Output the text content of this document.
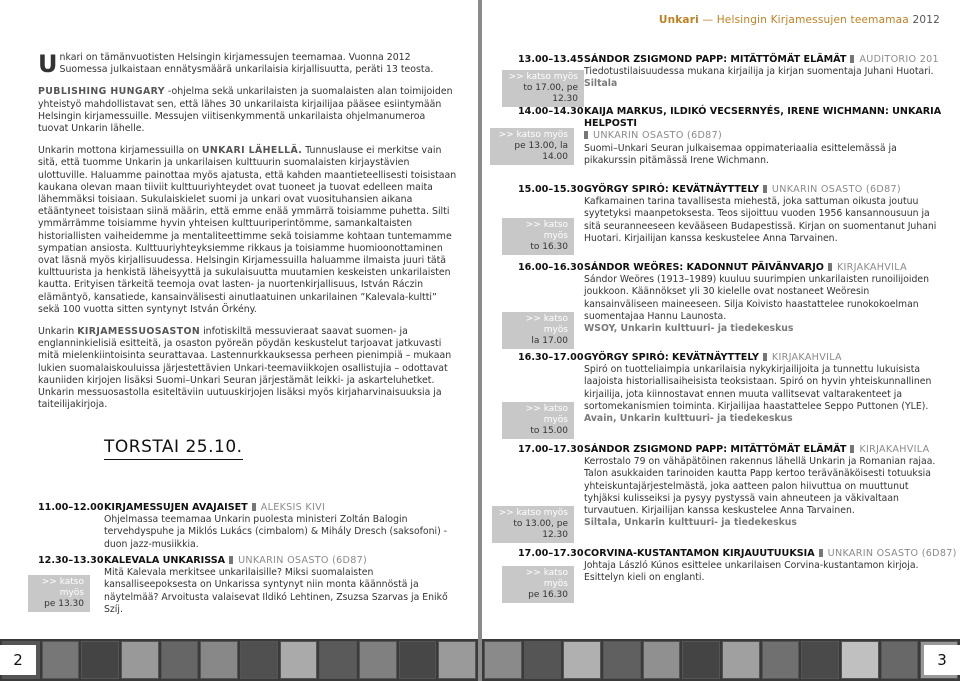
Unkari on tämänvuotisten Helsingin kirjamessujen teemamaa. Vuonna 2012 Suomessa julkaistaan ennätysmäärä unkarilaisia kirjallisuutta, peräti 13 teosta.

PUBLISHING HUNGARY -ohjelma sekä unkarilaisten ja suomalaisten alan toimijoiden yhteistyö mahdollistavat sen, että lähes 30 unkarilaista kirjailijaa pääsee esiintymään Helsingin kirjamessuille. Messujen viitisenkymmentä unkarilaista ohjelmanumeroa tuovat Unkarin lähelle.

Unkarin mottona kirjamessuilla on UNKARI LÄHELLÄ. Tunnuslause ei merkitse vain sitä, että tuomme Unkarin ja unkarilaisen kulttuurin suomalaisten kirjaystävien ulottuville. Haluamme painottaa myös ajatusta, että kahden maantieteellisesti toisistaan kaukana olevan maan tiiviit kulttuuriyhteydet ovat tuoneet ja tuovat edelleen maita lähemmäksi toisiaan. Sukulaiskielet suomi ja unkari ovat vuosituhansien aikana etääntyneet toisistaan siinä määrin, että emme enää ymmärrä toisiamme puhetta. Silti ymmärrämme toisiamme hyvin yhteisen kulttuuriperintömme, samankaltaisten historiallisten vaiheidemme ja mentaliteettimme sekä toisiamme kohtaan tuntemamme sympatian ansiosta. Kulttuuriyhteyksiemme rikkaus ja toisiamme huomioonottaminen ovat läsnä myös kirjallisuudessa. Helsingin Kirjamessuilla haluamme ilmaista juuri tätä kulttuurista ja henkistä läheisyyttä ja sukulaisuutta muutamien keskeisten unkarilaisten kautta. Erityisen tärkeitä teemoja ovat lasten- ja nuortenkirjallisuus, István Ráczin elämäntyö, kansatiede, kansainvälisesti ainutlaatuinen unkarilainen ”Kalevala-kultti” sekä 100 vuotta sitten syntynyt István Örkény.

Unkarin KIRJAMESSUOSASTON infotiskiltä messuvieraat saavat suomen- ja englanninkielisiä esitteitä, ja osaston pyöreän pöydän keskustelut tarjoavat jatkuvasti mitä mielenkiintoisinta seurattavaa. Lastennurkkauksessa perheen pienimpiä – mukaan lukien suomalaiskouluissa järjestettävien Unkari-teemaviikkojen osallistujia – odottavat kauniiden kirjojen lisäksi Suomi–Unkari Seuran järjestämät leikki- ja askarteluhetket. Unkarin messuosastolla esiteltäviin uutuuskirjojen lisäksi myös kirjaharvinaisuuksia ja taiteilijakirjoja.

TORSTAI 25.10.
11.00–12.00 KIRJAMESSUJEN AVAJAISET ALEKSIS KIVI
Ohjelmassa teemamaa Unkarin puolesta ministeri Zoltán Balogin tervehdyspuhe ja Miklós Lukács (cimbalom) & Mihály Dresch (saksofoni) -duon jazz-musiikkia.
12.30–13.30
>> katso myös
pe 13.30
KALEVALA UNKARISSA UNKARIN OSASTO (6D87)
Mitä Kalevala merkitsee unkarilaisille? Miksi suomalaisten kansalliseepoksesta on Unkarissa syntynyt niin monta käännöstä ja näytelmää? Arvoitusta valaisevat Ildikó Lehtinen, Zsuzsa Szarvas ja Enikő Szíj.
2
Unkari — Helsingin Kirjamessujen teemamaa 2012
13.00–13.45
>> katso myös
to 17.00, pe 12.30
SÁNDOR ZSIGMOND PAPP: MITÄTTÖMÄT ELÄMÄT AUDITORIO 201
Tiedotustilaisuudessa mukana kirjailija ja kirjan suomentaja Juhani Huotari.
Siltala
14.00–14.30
>> katso myös
pe 13.00, la 14.00
KAIJA MARKUS, ILDIKÓ VECSERNYÉS, IRENE WICHMANN: UNKARIA HELPOSTI
UNKARIN OSASTO (6D87)
Suomi–Unkari Seuran julkaisemaa oppimateriaalia esittelemässä ja pikakurssin pitämässä Irene Wichmann.
15.00–15.30
>> katso myös
to 16.30
GYÖRGY SPIRÓ: KEVÄTNÄYTTELY UNKARIN OSASTO (6D87)
Kafkamainen tarina tavallisesta miehestä, joka sattuman oikusta joutuu syytetyksi maanpetoksesta. Teos sijoittuu vuoden 1956 kansannousuun ja sitä seuranneeseen kevääseen Budapestissä. Kirjan on suomentanut Juhani Huotari. Kirjailijan kanssa keskustelee Anna Tarvainen.
16.00–16.30
>> katso myös
la 17.00
SÁNDOR WEÖRES: KADONNUT PÄIVÄNVARJO KIRJAKAHVILA
Sándor Weöres (1913–1989) kuuluu suurimpien unkarilaisten runoilijoiden joukkoon. Käännökset yli 30 kielelle ovat nostaneet Weöresin kansainväliseen maineeseen. Silja Koivisto haastattelee runokokoelman suomentajaa Hannu Launosta.
WSOY, Unkarin kulttuuri- ja tiedekeskus
16.30–17.00
>> katso myös
to 15.00
GYÖRGY SPIRÓ: KEVÄTNÄYTTELY KIRJAKAHVILA
Spiró on tuotteliaimpia unkarilaisia nykykirjailijoita ja tunnettu lukuisista laajoista historiallisaiheisista teoksistaan. Spiró on hyvin yhteiskunnallinen kirjailija, jota kiinnostavat ennen muuta vallitsevat valtarakenteet ja sortomekanismien toiminta. Kirjailijaa haastattelee Seppo Puttonen (YLE).
Avain, Unkarin kulttuuri- ja tiedekeskus
17.00–17.30
>> katso myös
to 13.00, pe 12.30
SÁNDOR ZSIGMOND PAPP: MITÄTTÖMÄT ELÄMÄT KIRJAKAHVILA
Kerrostalo 79 on vähäpätöinen rakennus lähellä Unkarin ja Romanian rajaa. Talon asukkaiden tarinoiden kautta Papp kertoo terävänäköisesti totuuksia yhteiskuntajärjestelmästä, joka aatteen palon hiivuttua on muuttunut tyhjäksi kulisseiksi ja pysyy pystyssä vain ahneuteen ja väkivaltaan turvautuen. Kirjailijan kanssa keskustelee Anna Tarvainen.
Siltala, Unkarin kulttuuri- ja tiedekeskus
17.00–17.30
>> katso myös
pe 16.30
CORVINA-KUSTANTAMON KIRJAUUTUUKSIA UNKARIN OSASTO (6D87)
Johtaja László Kúnos esittelee unkarilaisen Corvina-kustantamon kirjoja. Esittelyn kieli on englanti.
3
